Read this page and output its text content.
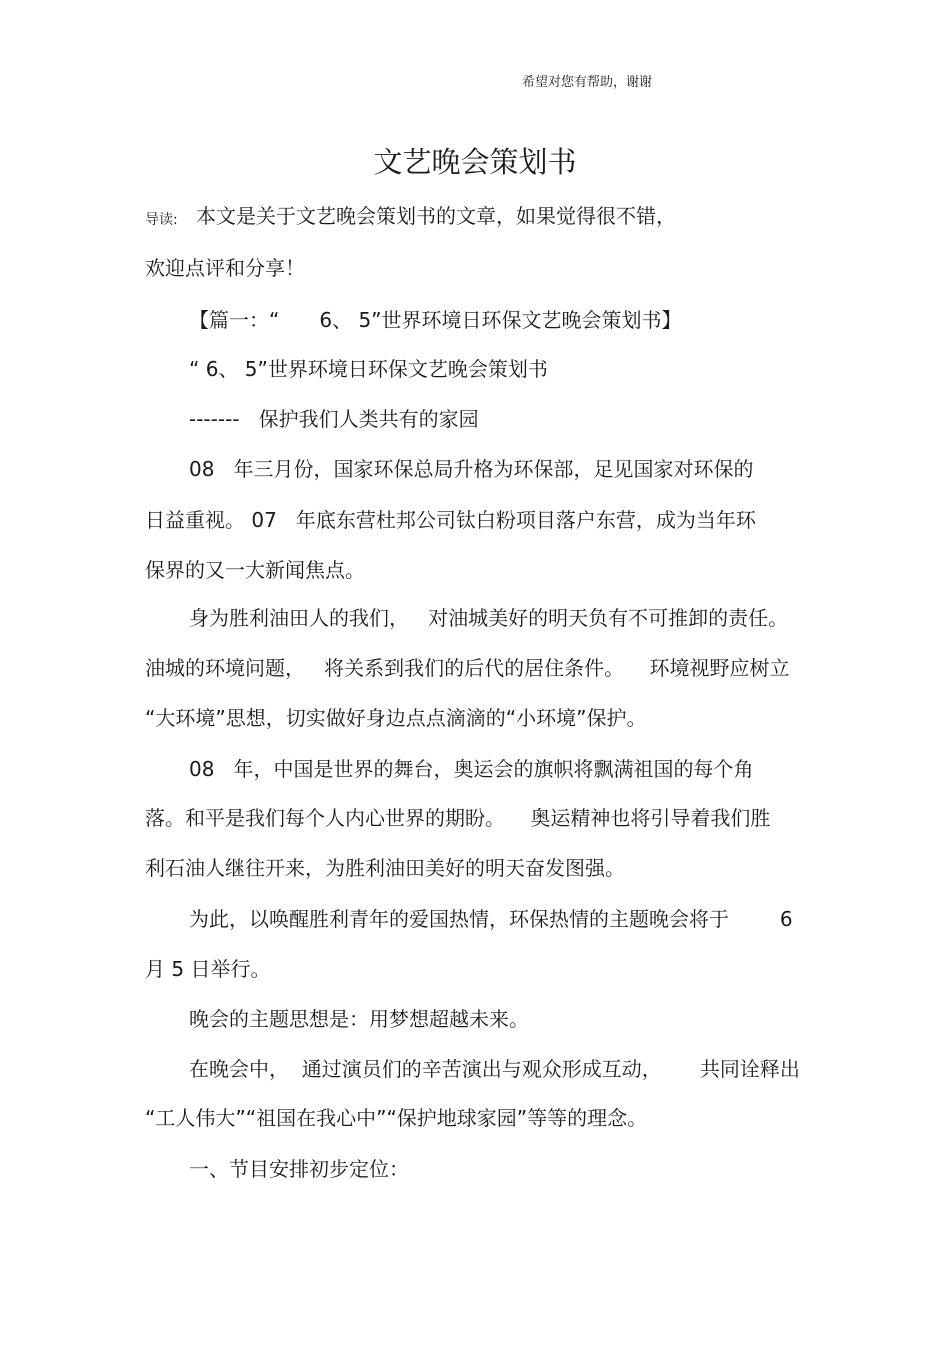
希望对您有帮助，谢谢
文艺晚会策划书
导读: 本文是关于文艺晚会策划书的文章，如果觉得很不错，
欢迎点评和分享！
【篇一：“　　6、 5”世界环境日环保文艺晚会策划书】
“ 6、 5”世界环境日环保文艺晚会策划书
-------   保护我们人类共有的家园
08   年三月份，国家环保总局升格为环保部，足见国家对环保的
日益重视。 07   年底东营杜邦公司钛白粉项目落户东营，成为当年环
保界的又一大新闻焦点。
身为胜利油田人的我们，   对油城美好的明天负有不可推卸的责任。
油城的环境问题，   将关系到我们的后代的居住条件。    环境视野应树立
“大环境”思想，切实做好身边点点滴滴的“小环境”保护。
08   年，中国是世界的舞台，奥运会的旗帜将飘满祖国的每个角
落。和平是我们每个人内心世界的期盼。    奥运精神也将引导着我们胜
利石油人继往开来，为胜利油田美好的明天奋发图强。
为此，以唤醒胜利青年的爱国热情，环保热情的主题晚会将于        6
月 5 日举行。
晚会的主题思想是：用梦想超越未来。
在晚会中，  通过演员们的辛苦演出与观众形成互动，      共同诠释出
“工人伟大”“祖国在我心中”“保护地球家园”等等的理念。
一、节目安排初步定位：
